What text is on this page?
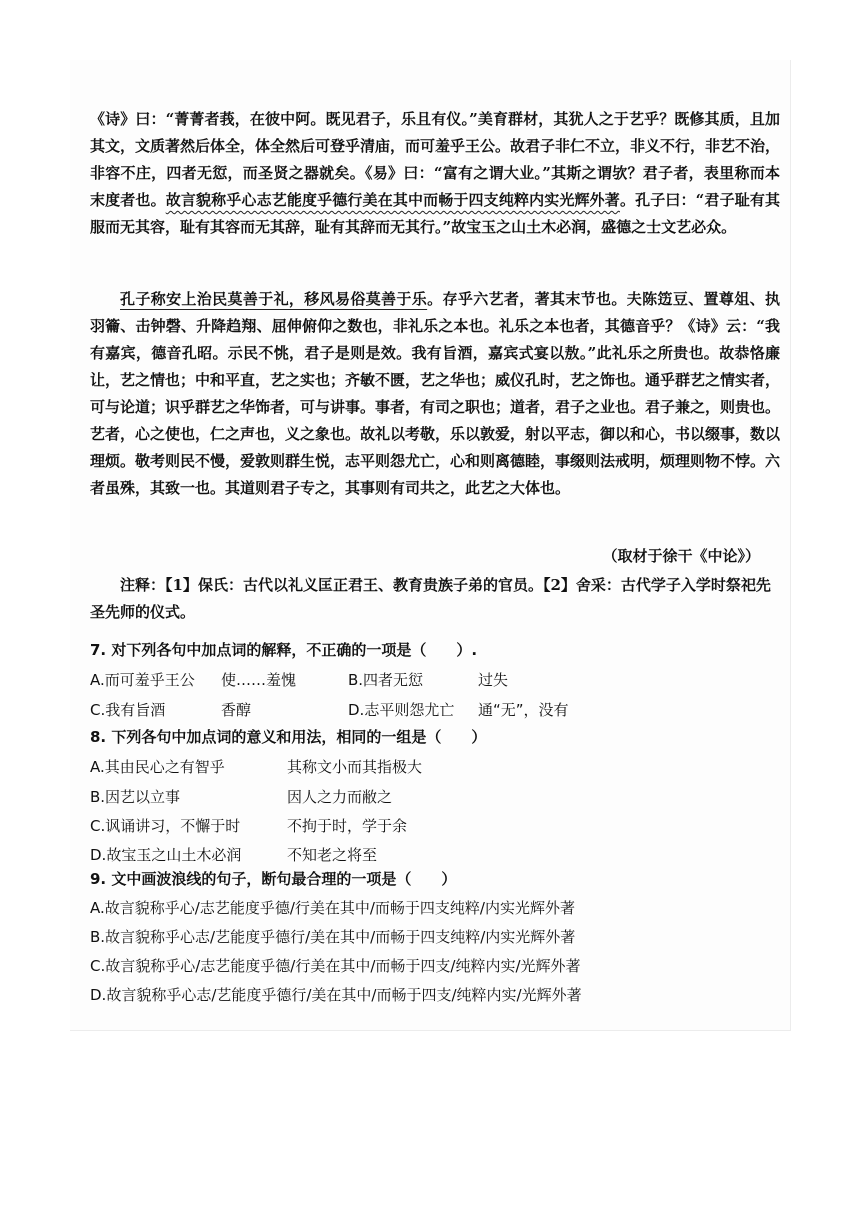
《诗》曰：“菁菁者莪，在彼中阿。既见君子，乐且有仪。”美育群材，其犹人之于艺乎？既修其质，且加其文，文质著然后体全，体全然后可登乎清庙，而可羞乎王公。故君子非仁不立，非义不行，非艺不治，非容不庄，四者无愆，而圣贤之器就矣。《易》曰：“富有之谓大业。”其斯之谓欤？君子者，表里称而本末度者也。故言貌称乎心志艺能度乎德行美在其中而畅于四支纯粹内实光辉外著。孔子曰：“君子耻有其服而无其容，耻有其容而无其辞，耻有其辞而无其行。”故宝玉之山土木必润，盛德之士文艺必众。

孔子称安上治民莫善于礼，移风易俗莫善于乐。存乎六艺者，著其末节也。夫陈笾豆、置尊俎、执羽籥、击钟磬、升降趋翔、屈伸俯仰之数也，非礼乐之本也。礼乐之本也者，其德音乎？《诗》云：“我有嘉宾，德音孔昭。示民不恌，君子是则是效。我有旨酒，嘉宾式宴以敖。”此礼乐之所贵也。故恭恪廉让，艺之情也；中和平直，艺之实也；齐敏不匮，艺之华也；威仪孔时，艺之饰也。通乎群艺之情实者，可与论道；识乎群艺之华饰者，可与讲事。事者，有司之职也；道者，君子之业也。君子兼之，则贵也。艺者，心之使也，仁之声也，义之象也。故礼以考敬，乐以敦爱，射以平志，御以和心，书以缀事，数以理烦。敬考则民不慢，爱敦则群生悦，志平则怨尤亡，心和则离德睦，事缀则法戒明，烦理则物不悖。六者虽殊，其致一也。其道则君子专之，其事则有司共之，此艺之大体也。

（取材于徐干《中论》）

注释：【1】保氏：古代以礼义匡正君王、教育贵族子弟的官员。【2】舍采：古代学子入学时祭祀先圣先师的仪式。

7. 对下列各句中加点词的解释，不正确的一项是（　　）.

A.而可羞乎王公 使……羞愧	B.四者无愆	过失

C.我有旨酒	香醇	D.志平则怨尤亡 通“无”，没有

8. 下列各句中加点词的意义和用法，相同的一组是（　　）

A.其由民心之有智乎	其称文小而其指极大

B.因艺以立事	因人之力而敝之

C.讽诵讲习，不懈于时	不拘于时，学于余

D.故宝玉之山土木必润	不知老之将至

9. 文中画波浪线的句子，断句最合理的一项是（　　）

A.故言貌称乎心/志艺能度乎德/行美在其中/而畅于四支纯粹/内实光辉外著

B.故言貌称乎心志/艺能度乎德行/美在其中/而畅于四支纯粹/内实光辉外著

C.故言貌称乎心/志艺能度乎德/行美在其中/而畅于四支/纯粹内实/光辉外著

D.故言貌称乎心志/艺能度乎德行/美在其中/而畅于四支/纯粹内实/光辉外著
